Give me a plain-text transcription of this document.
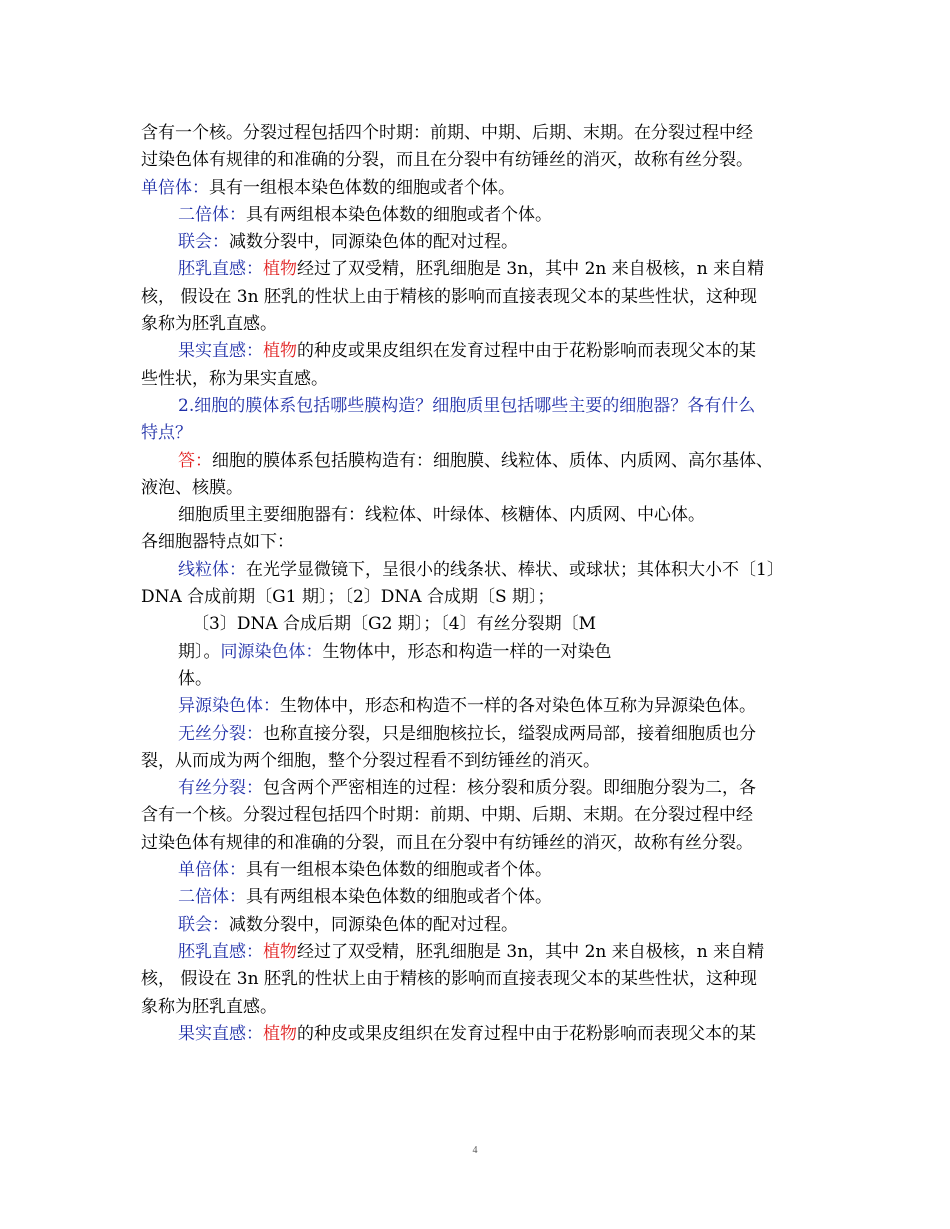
含有一个核。分裂过程包括四个时期：前期、中期、后期、末期。在分裂过程中经
过染色体有规律的和准确的分裂，而且在分裂中有纺锤丝的消灭，故称有丝分裂。
单倍体：具有一组根本染色体数的细胞或者个体。
二倍体：具有两组根本染色体数的细胞或者个体。
联会：减数分裂中，同源染色体的配对过程。
胚乳直感：植物经过了双受精，胚乳细胞是 3n，其中 2n 来自极核，n 来自精
核， 假设在 3n 胚乳的性状上由于精核的影响而直接表现父本的某些性状，这种现
象称为胚乳直感。
果实直感：植物的种皮或果皮组织在发育过程中由于花粉影响而表现父本的某
些性状，称为果实直感。
2.细胞的膜体系包括哪些膜构造？细胞质里包括哪些主要的细胞器？各有什么
特点？
答：细胞的膜体系包括膜构造有：细胞膜、线粒体、质体、内质网、高尔基体、
液泡、核膜。
细胞质里主要细胞器有：线粒体、叶绿体、核糖体、内质网、中心体。
各细胞器特点如下：
线粒体：在光学显微镜下，呈很小的线条状、棒状、或球状；其体积大小不〔1〕
DNA 合成前期〔G1 期〕；〔2〕DNA 合成期〔S 期〕；
〔3〕DNA 合成后期〔G2 期〕；〔4〕有丝分裂期〔M
期〕。同源染色体：生物体中，形态和构造一样的一对染色
体。
异源染色体：生物体中，形态和构造不一样的各对染色体互称为异源染色体。
无丝分裂：也称直接分裂，只是细胞核拉长，缢裂成两局部，接着细胞质也分
裂，从而成为两个细胞，整个分裂过程看不到纺锤丝的消灭。
有丝分裂：包含两个严密相连的过程：核分裂和质分裂。即细胞分裂为二，各
含有一个核。分裂过程包括四个时期：前期、中期、后期、末期。在分裂过程中经
过染色体有规律的和准确的分裂，而且在分裂中有纺锤丝的消灭，故称有丝分裂。
单倍体：具有一组根本染色体数的细胞或者个体。
二倍体：具有两组根本染色体数的细胞或者个体。
联会：减数分裂中，同源染色体的配对过程。
胚乳直感：植物经过了双受精，胚乳细胞是 3n，其中 2n 来自极核，n 来自精
核， 假设在 3n 胚乳的性状上由于精核的影响而直接表现父本的某些性状，这种现
象称为胚乳直感。
果实直感：植物的种皮或果皮组织在发育过程中由于花粉影响而表现父本的某
4
